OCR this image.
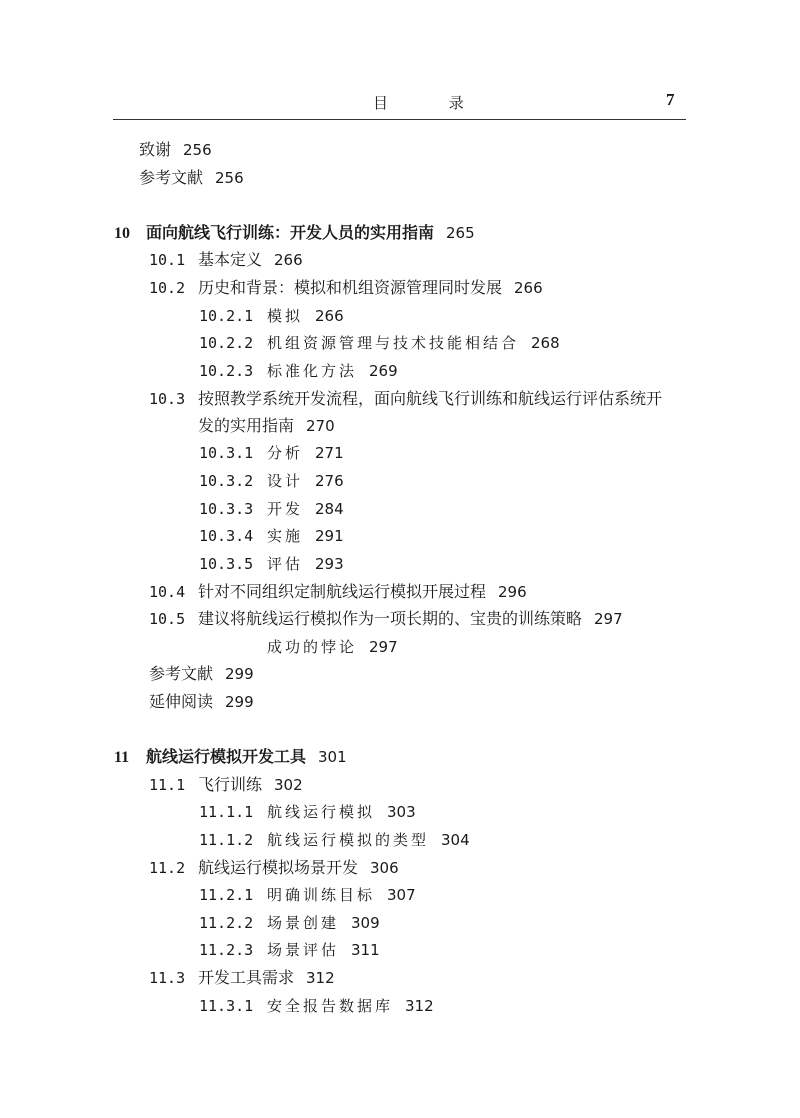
目 录	7
致谢 256
参考文献 256
10 面向航线飞行训练：开发人员的实用指南 265
10.1 基本定义 266
10.2 历史和背景：模拟和机组资源管理同时发展 266
10.2.1 模拟 266
10.2.2 机组资源管理与技术技能相结合 268
10.2.3 标准化方法 269
10.3 按照教学系统开发流程，面向航线飞行训练和航线运行评估系统开
发的实用指南 270
10.3.1 分析 271
10.3.2 设计 276
10.3.3 开发 284
10.3.4 实施 291
10.3.5 评估 293
10.4 针对不同组织定制航线运行模拟开展过程 296
10.5 建议将航线运行模拟作为一项长期的、宝贵的训练策略 297
成功的悖论 297
参考文献 299
延伸阅读 299
11 航线运行模拟开发工具 301
11.1 飞行训练 302
11.1.1 航线运行模拟 303
11.1.2 航线运行模拟的类型 304
11.2 航线运行模拟场景开发 306
11.2.1 明确训练目标 307
11.2.2 场景创建 309
11.2.3 场景评估 311
11.3 开发工具需求 312
11.3.1 安全报告数据库 312
